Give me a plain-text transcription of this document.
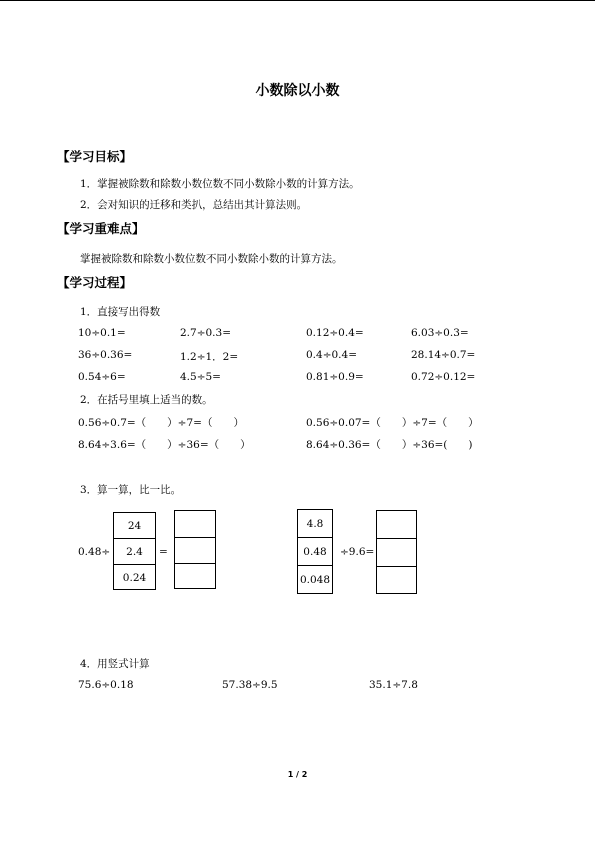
小数除以小数
【学习目标】
1．掌握被除数和除数小数位数不同小数除小数的计算方法。
2．会对知识的迁移和类扒，总结出其计算法则。
【学习重难点】
掌握被除数和除数小数位数不同小数除小数的计算方法。
【学习过程】
1．直接写出得数
10÷0.1=	2.7÷0.3=	0.12÷0.4=	6.03÷0.3=
36÷0.36=	1.2÷1．2=	0.4÷0.4=	28.14÷0.7=
0.54÷6=	4.5÷5=	0.81÷0.9=	0.72÷0.12=
2．在括号里填上适当的数。
0.56÷0.7=（　　）÷7=（　　）	0.56÷0.07=（　　）÷7=（　　）
8.64÷3.6=（　　）÷36=（　　）	8.64÷0.36=（　　）÷36=(　　)
3．算一算，比一比。
0.48÷
24
2.4
0.24
=
4.8
0.48
0.048
÷9.6=
4．用竖式计算
75.6÷0.18	57.38÷9.5	35.1÷7.8
1 / 2
